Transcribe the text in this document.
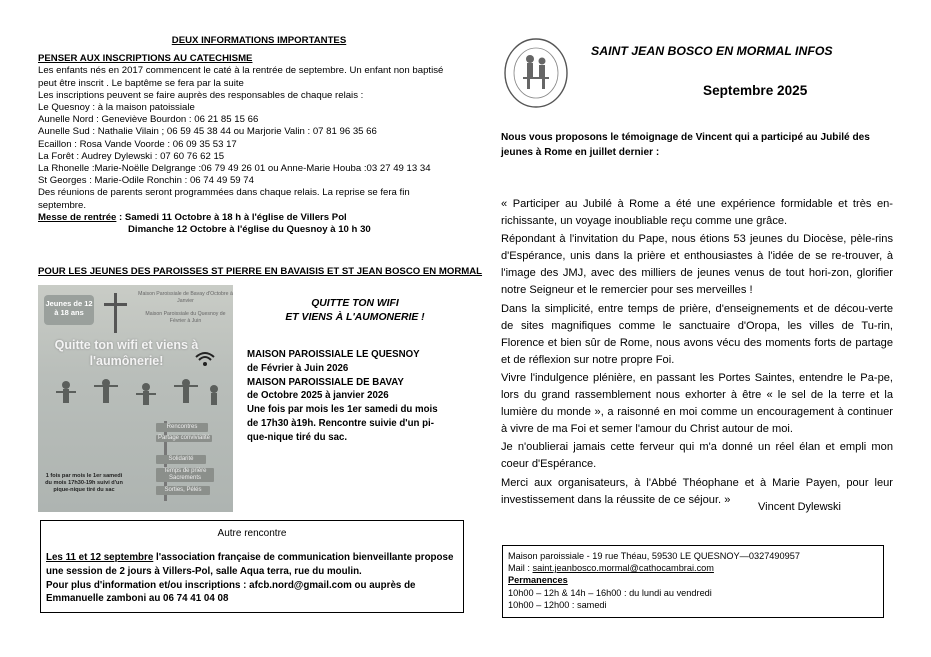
DEUX INFORMATIONS IMPORTANTES

PENSER AUX INSCRIPTIONS AU CATECHISME

Les enfants nés en 2017 commencent le caté à la rentrée de septembre. Un enfant non baptisé peut être inscrit . Le baptême se fera par la suite

Les inscriptions peuvent se faire auprès des responsables de chaque relais :

Le Quesnoy : à la maison patoissiale

Aunelle Nord : Geneviève Bourdon : 06 21 85 15 66

Aunelle Sud : Nathalie Vilain ; 06 59 45 38 44 ou Marjorie Valin : 07 81 96 35 66

Ecaillon : Rosa Vande Voorde : 06 09 35 53 17

La Forêt : Audrey Dylewski : 07 60 76 62 15

La Rhonelle :Marie-Noëlle Delgrange :06 79 49 26 01 ou Anne-Marie Houba :03 27 49 13 34

St Georges : Marie-Odile Ronchin : 06 74 49 59 74

Des réunions de parents seront programmées dans chaque relais. La reprise se fera fin septembre.

Messe de rentrée : Samedi 11 Octobre à 18 h à l'église de Villers Pol

Dimanche 12 Octobre à l'église du Quesnoy à 10 h 30

POUR LES JEUNES DES PAROISSES ST PIERRE EN BAVAISIS ET ST JEAN BOSCO EN MORMAL
Jeunes de 12 à 18 ans
Maison Paroissiale de Bavay d'Octobre à Janvier
Maison Paroissiale du Quesnoy de Février à Juin
Quitte ton wifi et viens à l'aumônerie!
Rencontres
Partage convivialité
Solidarité
Temps de prière Sacrements
Sorties, Pélés
1 fois par mois le 1er samedi du mois 17h30-19h suivi d'un pique-nique tiré du sac
QUITTE TON WIFI
ET VIENS À L'AUMONERIE !
MAISON PAROISSIALE LE QUESNOY
de Février à Juin 2026
MAISON PAROISSIALE DE BAVAY
de Octobre 2025 à janvier 2026
Une fois par mois les 1er samedi du mois
de 17h30 à19h. Rencontre suivie d'un pi-
que-nique tiré du sac.
Autre rencontre
Les 11 et 12 septembre l'association française de communication bienveillante propose une session de 2 jours à Villers-Pol, salle Aqua terra, rue du moulin.
Pour plus d'information et/ou inscriptions : afcb.nord@gmail.com ou auprès de Emmanuelle zamboni au 06 74 41 04 08
SAINT JEAN BOSCO EN MORMAL INFOS
Septembre 2025
Nous vous proposons le témoignage de Vincent qui a participé au Jubilé des jeunes à Rome en juillet dernier :

« Participer au Jubilé à Rome a été une expérience formidable et très en-richissante, un voyage inoubliable reçu comme une grâce.

Répondant à l'invitation du Pape, nous étions 53 jeunes du Diocèse, pèle-rins d'Espérance, unis dans la prière et enthousiastes à l'idée de se re-trouver, à l'image des JMJ, avec des milliers de jeunes venus de tout hori-zon, glorifier notre Seigneur et le remercier pour ses merveilles !

Dans la simplicité, entre temps de prière, d'enseignements et de décou-verte de sites magnifiques comme le sanctuaire d'Oropa, les villes de Tu-rin, Florence et bien sûr de Rome, nous avons vécu des moments forts de partage et de réflexion sur notre propre Foi.

Vivre l'indulgence plénière, en passant les Portes Saintes, entendre le Pa-pe, lors du grand rassemblement nous exhorter à être « le sel de la terre et la lumière du monde », a raisonné en moi comme un encouragement à continuer à vivre de ma Foi et semer l'amour du Christ autour de moi.

Je n'oublierai jamais cette ferveur qui m'a donné un réel élan et empli mon coeur d'Espérance.

Merci aux organisateurs, à l'Abbé Théophane et à Marie Payen, pour leur investissement dans la réussite de ce séjour. »

Vincent Dylewski
Maison paroissiale - 19 rue Théau, 59530 LE QUESNOY—0327490957
Mail : saint.jeanbosco.mormal@cathocambrai.com
Permanences
10h00 – 12h & 14h – 16h00 : du lundi au vendredi
10h00 – 12h00 : samedi
